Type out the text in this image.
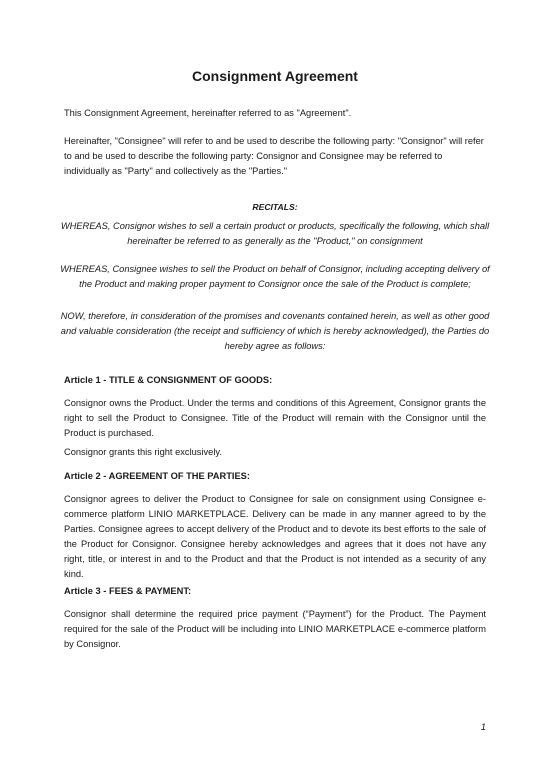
Consignment Agreement

This Consignment Agreement, hereinafter referred to as "Agreement".

Hereinafter, "Consignee" will refer to and be used to describe the following party: "Consignor" will refer to and be used to describe the following party: Consignor and Consignee may be referred to individually as "Party" and collectively as the "Parties."

RECITALS:

WHEREAS, Consignor wishes to sell a certain product or products, specifically the following, which shall hereinafter be referred to as generally as the "Product," on consignment

WHEREAS, Consignee wishes to sell the Product on behalf of Consignor, including accepting delivery of the Product and making proper payment to Consignor once the sale of the Product is complete;

NOW, therefore, in consideration of the promises and covenants contained herein, as well as other good and valuable consideration (the receipt and sufficiency of which is hereby acknowledged), the Parties do hereby agree as follows:

Article 1 - TITLE & CONSIGNMENT OF GOODS:

Consignor owns the Product. Under the terms and conditions of this Agreement, Consignor grants the right to sell the Product to Consignee. Title of the Product will remain with the Consignor until the Product is purchased.

Consignor grants this right exclusively.

Article 2 - AGREEMENT OF THE PARTIES:

Consignor agrees to deliver the Product to Consignee for sale on consignment using Consignee e-commerce platform LINIO MARKETPLACE. Delivery can be made in any manner agreed to by the Parties. Consignee agrees to accept delivery of the Product and to devote its best efforts to the sale of the Product for Consignor. Consignee hereby acknowledges and agrees that it does not have any right, title, or interest in and to the Product and that the Product is not intended as a security of any kind.

Article 3 - FEES & PAYMENT:

Consignor shall determine the required price payment (“Payment”) for the Product. The Payment required for the sale of the Product will be including into LINIO MARKETPLACE e-commerce platform by Consignor.

1
